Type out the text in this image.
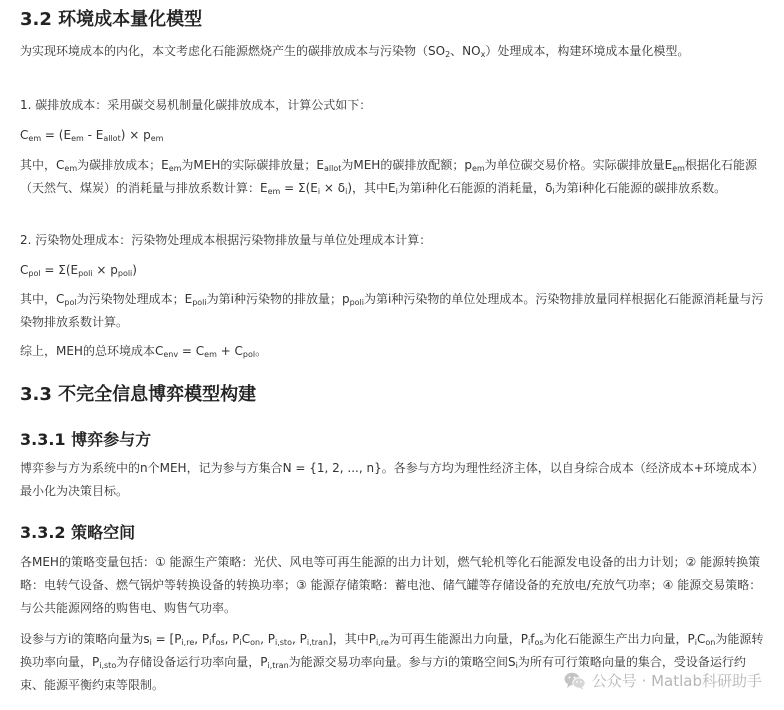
3.2 环境成本量化模型

为实现环境成本的内化，本文考虑化石能源燃烧产生的碳排放成本与污染物（$SO_2$、$NO_x$）处理成本，构建环境成本量化模型。

1. 碳排放成本：采用碳交易机制量化碳排放成本，计算公式如下：

$C_{em} = (E_{em} - E_{allot}) \times p_{em}$

其中，$C_{em}$为碳排放成本；$E_{em}$为MEH的实际碳排放量；$E_{allot}$为MEH的碳排放配额；$p_{em}$为单位碳交易价格。实际碳排放量$E_{em}$根据化石能源（天然气、煤炭）的消耗量与排放系数计算：$E_{em} = \Sigma(E_i \times \delta_i)$，其中$E_i$为第i种化石能源的消耗量，$\delta_i$为第i种化石能源的碳排放系数。

2. 污染物处理成本：污染物处理成本根据污染物排放量与单位处理成本计算：

$C_{pol} = \Sigma(E_{poli} \times p_{poli})$

其中，$C_{pol}$为污染物处理成本；$E_{poli}$为第i种污染物的排放量；$p_{poli}$为第i种污染物的单位处理成本。污染物排放量同样根据化石能源消耗量与污染物排放系数计算。

综上，MEH的总环境成本$C_{env} = C_{em} + C_{pol}$。

3.3 不完全信息博弈模型构建
3.3.1 博弈参与方

博弈参与方为系统中的n个MEH，记为参与方集合N = {1, 2, ..., n}。各参与方均为理性经济主体，以自身综合成本（经济成本+环境成本）最小化为决策目标。

3.3.2 策略空间

各MEH的策略变量包括：① 能源生产策略：光伏、风电等可再生能源的出力计划，燃气轮机等化石能源发电设备的出力计划；② 能源转换策略：电转气设备、燃气锅炉等转换设备的转换功率；③ 能源存储策略：蓄电池、储气罐等存储设备的充放电/充放气功率；④ 能源交易策略：与公共能源网络的购售电、购售气功率。

设参与方i的策略向量为$s_i = [P_{i,re}$, $P_if_{os}$, $P_iC_{on}$, $P_{i,sto}$, $P_{i,tran}$]，其中$P_{i,re}$为可再生能源出力向量，$P_if_{os}$为化石能源生产出力向量，$P_iC_{on}$为能源转换功率向量，$P_{i,sto}$为存储设备运行功率向量，$P_{i,tran}$为能源交易功率向量。参与方i的策略空间$S_i$为所有可行策略向量的集合，受设备运行约束、能源平衡约束等限制。	公众号 · Matlab科研助手
